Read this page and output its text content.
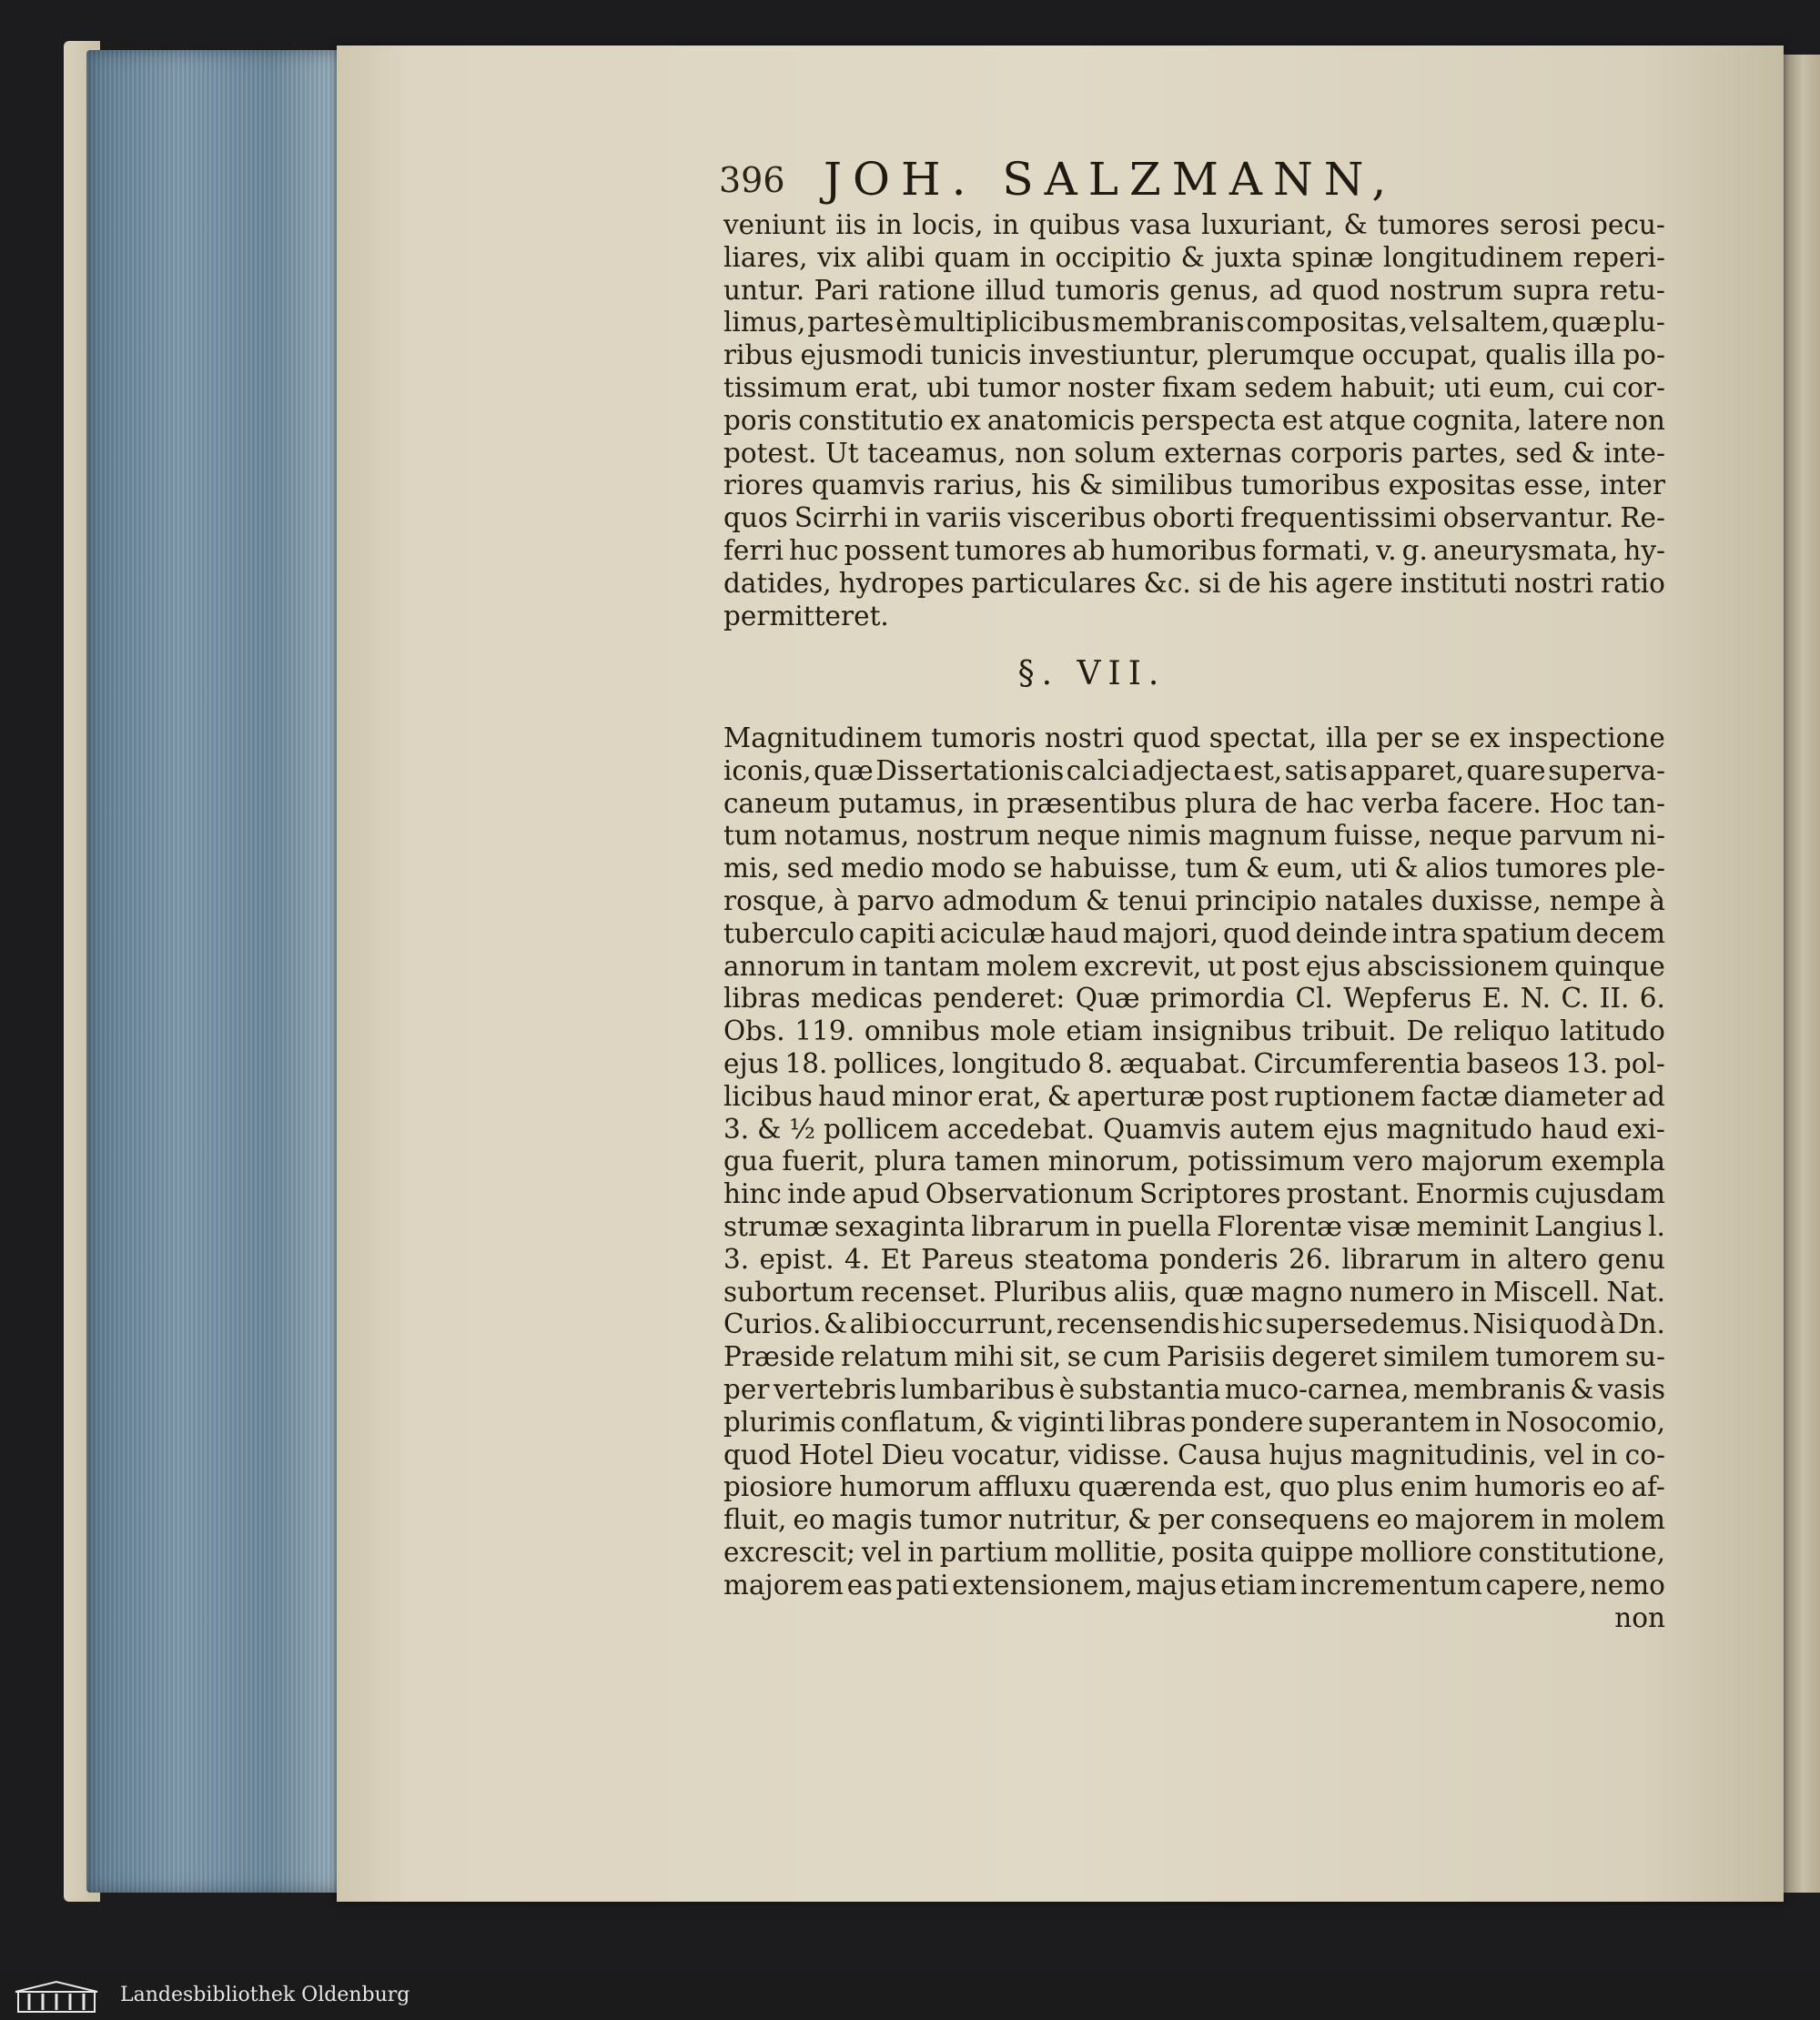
396 JOH. SALZMANN,
veniunt iis in locis, in quibus vasa luxuriant, & tumores serosi pecu-
liares, vix alibi quam in occipitio & juxta spinæ longitudinem reperi-
untur. Pari ratione illud tumoris genus, ad quod nostrum supra retu-
limus, partes è multiplicibus membranis compositas, vel saltem, quæ plu-
ribus ejusmodi tunicis investiuntur, plerumque occupat, qualis illa po-
tissimum erat, ubi tumor noster fixam sedem habuit; uti eum, cui cor-
poris constitutio ex anatomicis perspecta est atque cognita, latere non
potest. Ut taceamus, non solum externas corporis partes, sed & inte-
riores quamvis rarius, his & similibus tumoribus expositas esse, inter
quos Scirrhi in variis visceribus oborti frequentissimi observantur. Re-
ferri huc possent tumores ab humoribus formati, v. g. aneurysmata, hy-
datides, hydropes particulares &c. si de his agere instituti nostri ratio
permitteret.
§. VII.
Magnitudinem tumoris nostri quod spectat, illa per se ex inspectione
iconis, quæ Dissertationis calci adjecta est, satis apparet, quare superva-
caneum putamus, in præsentibus plura de hac verba facere. Hoc tan-
tum notamus, nostrum neque nimis magnum fuisse, neque parvum ni-
mis, sed medio modo se habuisse, tum & eum, uti & alios tumores ple-
rosque, à parvo admodum & tenui principio natales duxisse, nempe à
tuberculo capiti aciculæ haud majori, quod deinde intra spatium decem
annorum in tantam molem excrevit, ut post ejus abscissionem quinque
libras medicas penderet: Quæ primordia Cl. Wepferus E. N. C. II. 6.
Obs. 119. omnibus mole etiam insignibus tribuit. De reliquo latitudo
ejus 18. pollices, longitudo 8. æquabat. Circumferentia baseos 13. pol-
licibus haud minor erat, & aperturæ post ruptionem factæ diameter ad
3. & ½ pollicem accedebat. Quamvis autem ejus magnitudo haud exi-
gua fuerit, plura tamen minorum, potissimum vero majorum exempla
hinc inde apud Observationum Scriptores prostant. Enormis cujusdam
strumæ sexaginta librarum in puella Florentæ visæ meminit Langius l.
3. epist. 4. Et Pareus steatoma ponderis 26. librarum in altero genu
subortum recenset. Pluribus aliis, quæ magno numero in Miscell. Nat.
Curios. & alibi occurrunt, recensendis hic supersedemus. Nisi quod à Dn.
Præside relatum mihi sit, se cum Parisiis degeret similem tumorem su-
per vertebris lumbaribus è substantia muco-carnea, membranis & vasis
plurimis conflatum, & viginti libras pondere superantem in Nosocomio,
quod Hotel Dieu vocatur, vidisse. Causa hujus magnitudinis, vel in co-
piosiore humorum affluxu quærenda est, quo plus enim humoris eo af-
fluit, eo magis tumor nutritur, & per consequens eo majorem in molem
excrescit; vel in partium mollitie, posita quippe molliore constitutione,
majorem eas pati extensionem, majus etiam incrementum capere, nemo
non
Landesbibliothek Oldenburg
